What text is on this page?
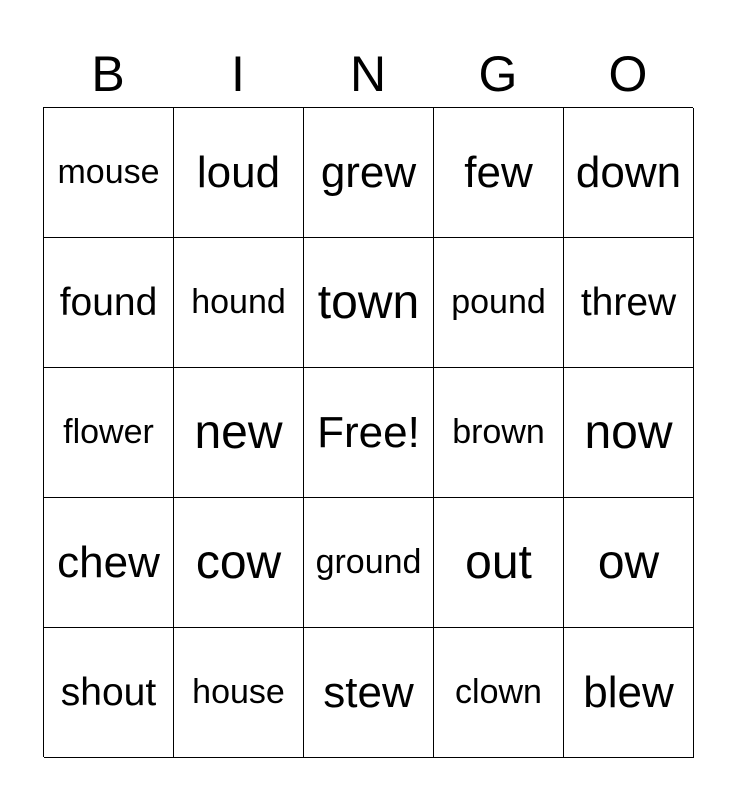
B	I	N	G	O
mouse loud grew	few down
found hound town pound threw
flower new Free! brown now
chew cow	ground out	ow
shout	house stew	clown blew
